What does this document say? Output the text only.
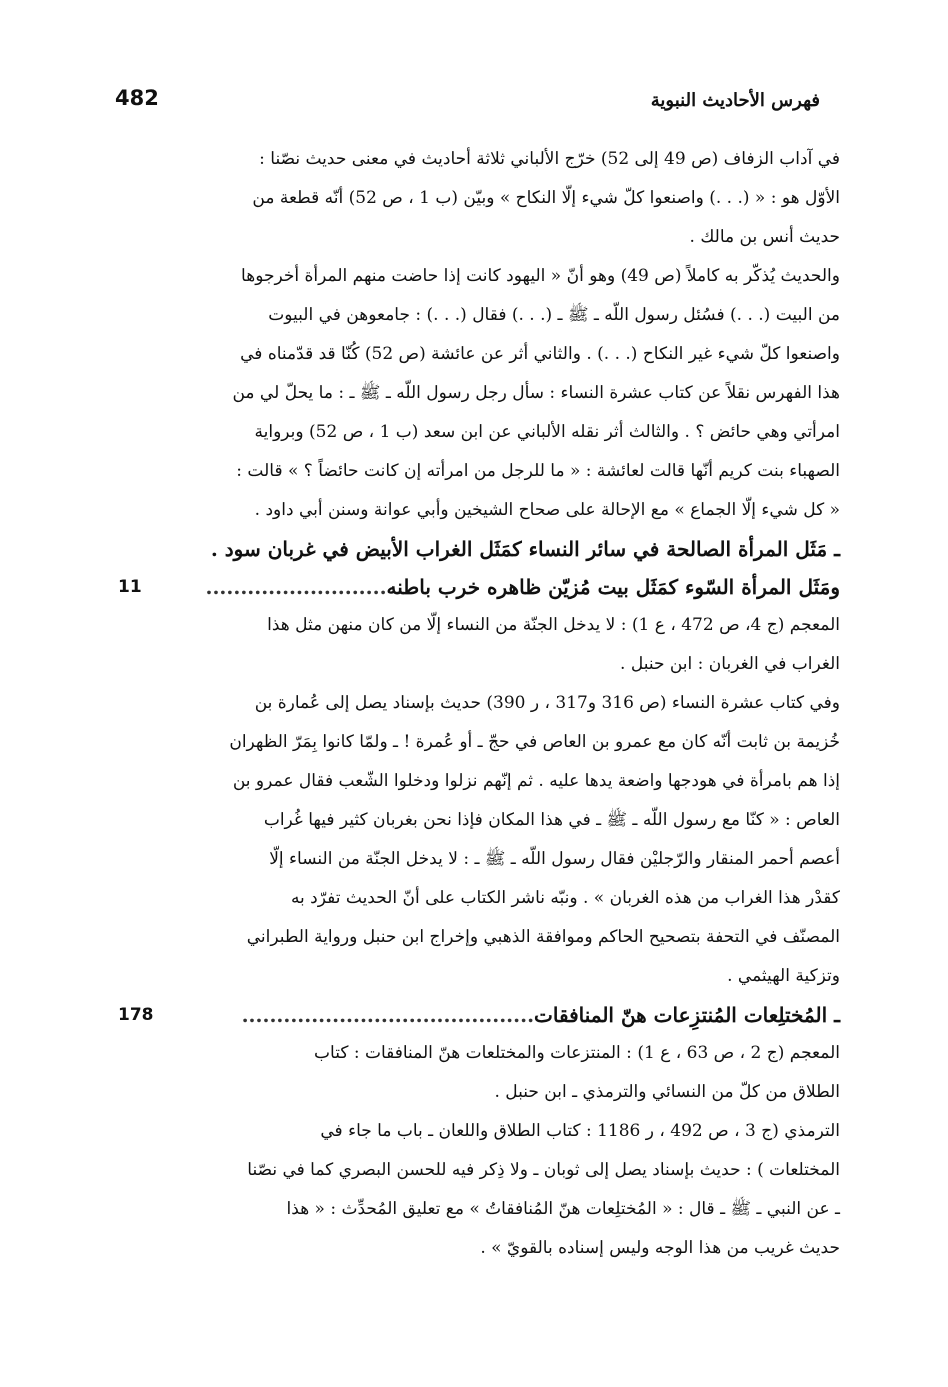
482	فهرس الأحاديث النبوية
في آداب الزفاف (ص 49 إلى 52) خرّج الألباني ثلاثة أحاديث في معنى حديث نصّنا :
الأوّل هو : « (. . .) واصنعوا كلّ شيء إلّا النكاح » وبيّن (ب 1 ، ص 52) أنّه قطعة من
حديث أنس بن مالك .
والحديث يُذكّر به كاملاً (ص 49) وهو أنّ « اليهود كانت إذا حاضت منهم المرأة أخرجوها
من البيت (. . .) فسُئل رسول اللّه ـ ﷺ ـ (. . .) فقال (. . .) : جامعوهن في البيوت
واصنعوا كلّ شيء غير النكاح (. . .) . والثاني أثر عن عائشة (ص 52) كُنّا قد قدّمناه في
هذا الفهرس نقلاً عن كتاب عشرة النساء : سأل رجل رسول اللّه ـ ﷺ ـ : ما يحلّ لي من
امرأتي وهي حائض ؟ . والثالث أثر نقله الألباني عن ابن سعد (ب 1 ، ص 52) وبرواية
الصهباء بنت كريم أنّها قالت لعائشة : « ما للرجل من امرأته إن كانت حائضاً ؟ » قالت :
« كل شيء إلّا الجماع » مع الإحالة على صحاح الشيخين وأبي عوانة وسنن أبي داود .
ـ مَثَل المرأة الصالحة في سائر النساء كمَثَل الغراب الأبيض في غربان سود .
ومَثَل المرأة السّوء كمَثَل بيت مُزيّن ظاهره خرب باطنه..........................
11
المعجم (ج 4، ص 472 ، ع 1) : لا يدخل الجنّة من النساء إلّا من كان منهن مثل هذا
الغراب في الغربان : ابن حنبل .
وفي كتاب عشرة النساء (ص 316 و317 ، ر 390) حديث بإسناد يصل إلى عُمارة بن
خُزيمة بن ثابت أنّه كان مع عمرو بن العاص في حجّ ـ أو عُمرة ! ـ ولمّا كانوا بِمَرّ الظهران
إذا هم بامرأة في هودجها واضعة يدها عليه . ثم إنّهم نزلوا ودخلوا الشّعب فقال عمرو بن
العاص : « كنّا مع رسول اللّه ـ ﷺ ـ في هذا المكان فإذا نحن بغربان كثير فيها غُراب
أعصم أحمر المنقار والرّجليْن فقال رسول اللّه ـ ﷺ ـ : لا يدخل الجنّة من النساء إلّا
كقدْر هذا الغراب من هذه الغربان » . ونبّه ناشر الكتاب على أنّ الحديث تفرّد به
المصنّف في التحفة بتصحيح الحاكم وموافقة الذهبي وإخراج ابن حنبل ورواية الطبراني
وتزكية الهيثمي .
ـ المُختلِعات المُنتزِعات هنّ المنافقات..........................................
178
المعجم (ج 2 ، ص 63 ، ع 1) : المنتزعات والمختلعات هنّ المنافقات : كتاب
الطلاق من كلّ من النسائي والترمذي ـ ابن حنبل .
الترمذي (ج 3 ، ص 492 ، ر 1186 : كتاب الطلاق واللعان ـ باب ما جاء في
المختلعات ) : حديث بإسناد يصل إلى ثوبان ـ ولا ذِكر فيه للحسن البصري كما في نصّنا
ـ عن النبي ـ ﷺ ـ قال : « المُختلِعات هنّ المُنافقاتُ » مع تعليق المُحدِّث : « هذا
حديث غريب من هذا الوجه وليس إسناده بالقويّ » .
